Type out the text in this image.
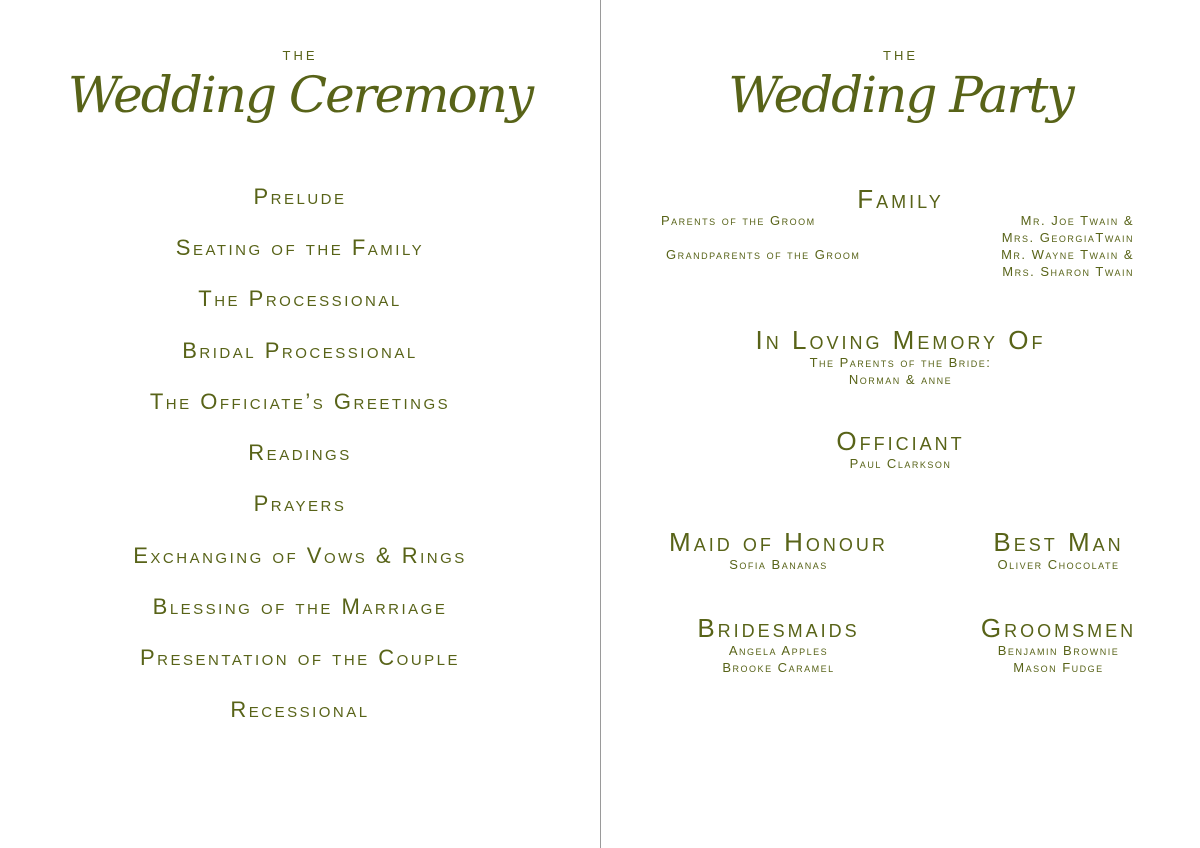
the
Wedding Ceremony
Prelude
Seating of the Family
The Processional
Bridal Processional
The Officiate’s Greetings
Readings
Prayers
Exchanging of Vows & Rings
Blessing of the Marriage
Presentation of the Couple
Recessional
the
Wedding Party
Family
Parents of the Groom	Mr. Joe Twain &
Mrs. GeorgiaTwain
Grandparents of the Groom	Mr. Wayne Twain &
Mrs. Sharon Twain
In Loving Memory Of
The Parents of the Bride:
Norman & anne
Officiant
Paul Clarkson
Maid of Honour
Sofia Bananas
Best Man
Oliver Chocolate
Bridesmaids
Angela Apples
Brooke Caramel
Groomsmen
Benjamin Brownie
Mason Fudge
